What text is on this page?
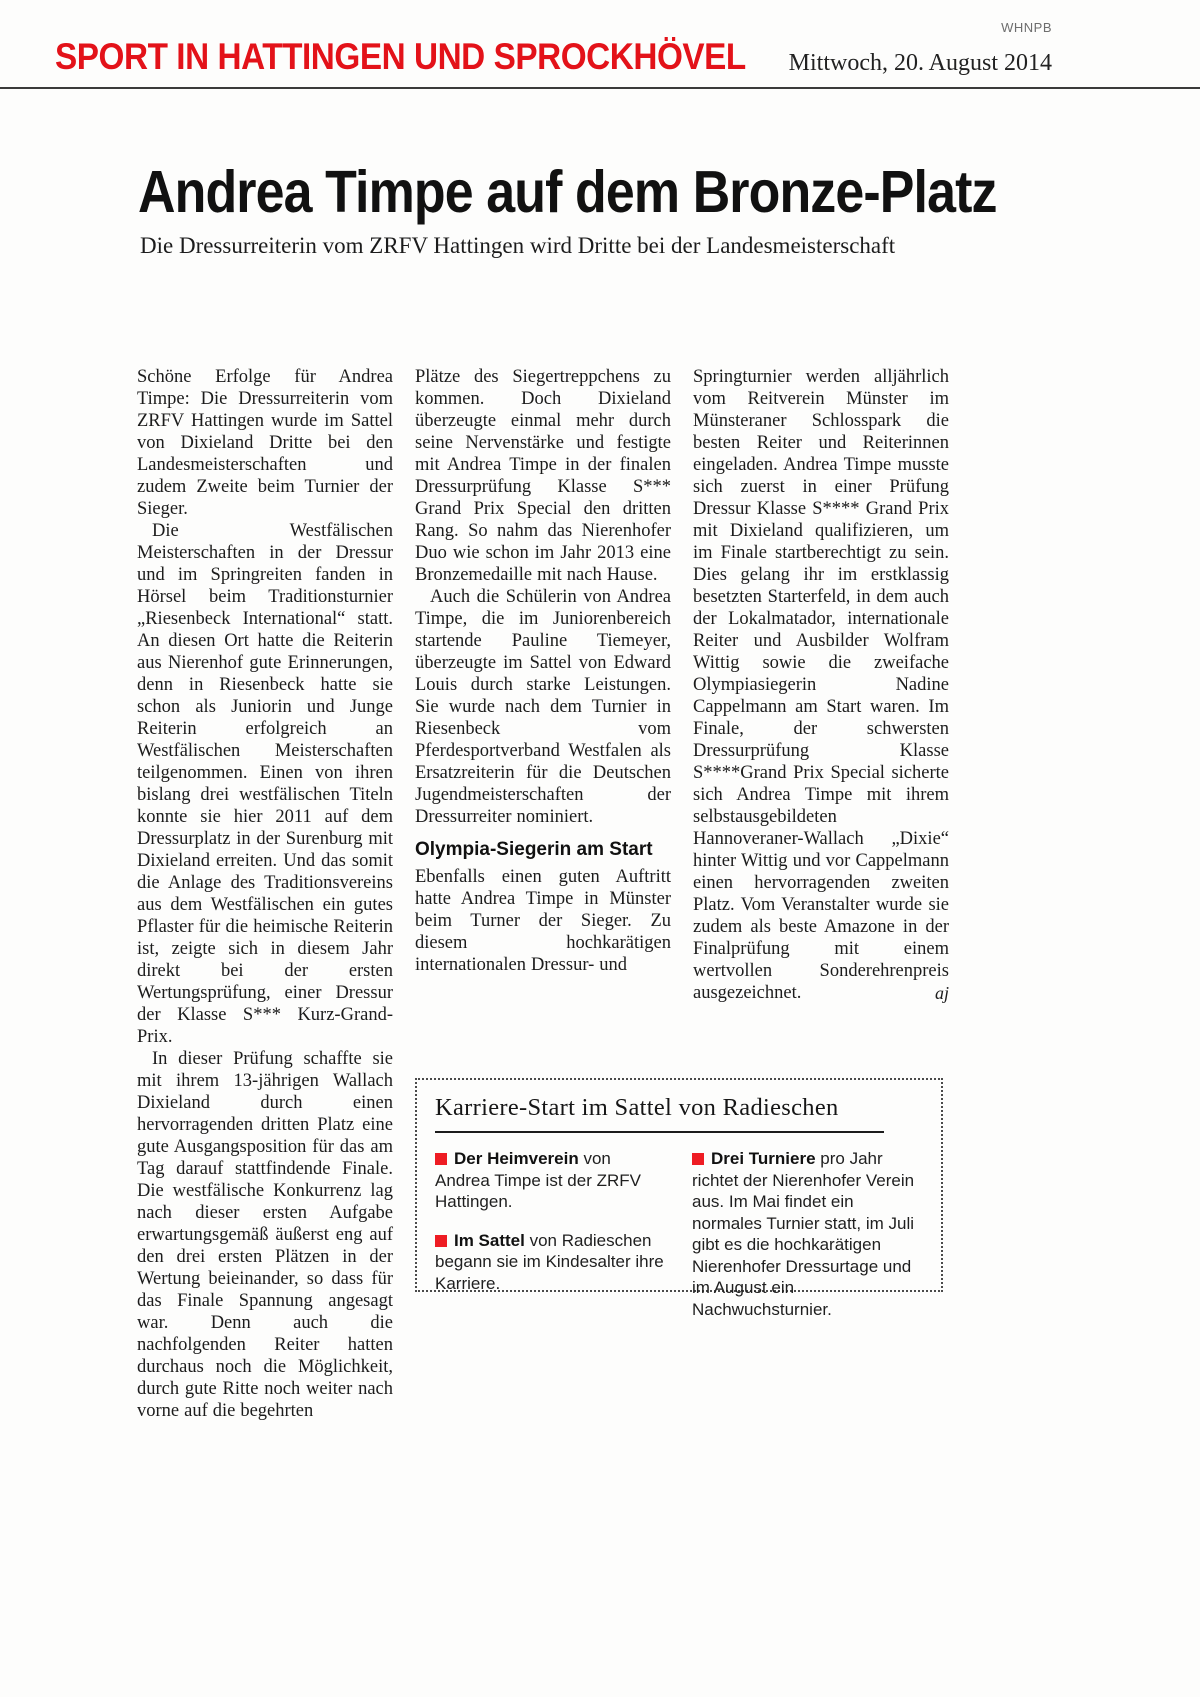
WHNPB
SPORT IN HATTINGEN UND SPROCKHÖVEL Mittwoch, 20. August 2014
Andrea Timpe auf dem Bronze-Platz
Die Dressurreiterin vom ZRFV Hattingen wird Dritte bei der Landesmeisterschaft

Schöne Erfolge für Andrea Timpe: Die Dressurreiterin vom ZRFV Hattingen wurde im Sattel von Dixieland Dritte bei den Landesmeisterschaften und zudem Zweite beim Turnier der Sieger.

Die Westfälischen Meisterschaften in der Dressur und im Springreiten fanden in Hörsel beim Traditionsturnier „Riesenbeck International“ statt. An diesen Ort hatte die Reiterin aus Nierenhof gute Erinnerungen, denn in Riesenbeck hatte sie schon als Juniorin und Junge Reiterin erfolgreich an Westfälischen Meisterschaften teilgenommen. Einen von ihren bislang drei westfälischen Titeln konnte sie hier 2011 auf dem Dressurplatz in der Surenburg mit Dixieland erreiten. Und das somit die Anlage des Traditionsvereins aus dem Westfälischen ein gutes Pflaster für die heimische Reiterin ist, zeigte sich in diesem Jahr direkt bei der ersten Wertungsprüfung, einer Dressur der Klasse S*** Kurz-Grand-Prix.

In dieser Prüfung schaffte sie mit ihrem 13-jährigen Wallach Dixieland durch einen hervorragenden dritten Platz eine gute Ausgangsposition für das am Tag darauf stattfindende Finale. Die westfälische Konkurrenz lag nach dieser ersten Aufgabe erwartungsgemäß äußerst eng auf den drei ersten Plätzen in der Wertung beieinander, so dass für das Finale Spannung angesagt war. Denn auch die nachfolgenden Reiter hatten durchaus noch die Möglichkeit, durch gute Ritte noch weiter nach vorne auf die begehrten

Plätze des Siegertreppchens zu kommen. Doch Dixieland überzeugte einmal mehr durch seine Nervenstärke und festigte mit Andrea Timpe in der finalen Dressurprüfung Klasse S*** Grand Prix Special den dritten Rang. So nahm das Nierenhofer Duo wie schon im Jahr 2013 eine Bronzemedaille mit nach Hause.

Auch die Schülerin von Andrea Timpe, die im Juniorenbereich startende Pauline Tiemeyer, überzeugte im Sattel von Edward Louis durch starke Leistungen. Sie wurde nach dem Turnier in Riesenbeck vom Pferdesportverband Westfalen als Ersatzreiterin für die Deutschen Jugendmeisterschaften der Dressurreiter nominiert.

Olympia-Siegerin am Start

Ebenfalls einen guten Auftritt hatte Andrea Timpe in Münster beim Turner der Sieger. Zu diesem hochkarätigen internationalen Dressur- und

Springturnier werden alljährlich vom Reitverein Münster im Münsteraner Schlosspark die besten Reiter und Reiterinnen eingeladen. Andrea Timpe musste sich zuerst in einer Prüfung Dressur Klasse S**** Grand Prix mit Dixieland qualifizieren, um im Finale startberechtigt zu sein. Dies gelang ihr im erstklassig besetzten Starterfeld, in dem auch der Lokalmatador, internationale Reiter und Ausbilder Wolfram Wittig sowie die zweifache Olympiasiegerin Nadine Cappelmann am Start waren. Im Finale, der schwersten Dressurprüfung Klasse S****Grand Prix Special sicherte sich Andrea Timpe mit ihrem selbstausgebildeten Hannoveraner-Wallach „Dixie“ hinter Wittig und vor Cappelmann einen hervorragenden zweiten Platz. Vom Veranstalter wurde sie zudem als beste Amazone in der Finalprüfung mit einem wertvollen Sonderehrenpreis ausgezeichnet.	aj

Karriere-Start im Sattel von Radieschen
Der Heimverein von Andrea Timpe ist der ZRFV Hattingen.
Im Sattel von Radieschen begann sie im Kindesalter ihre Karriere.
Drei Turniere pro Jahr richtet der Nierenhofer Verein aus. Im Mai findet ein normales Turnier statt, im Juli gibt es die hochkarätigen Nierenhofer Dressurtage und im August ein Nachwuchsturnier.
